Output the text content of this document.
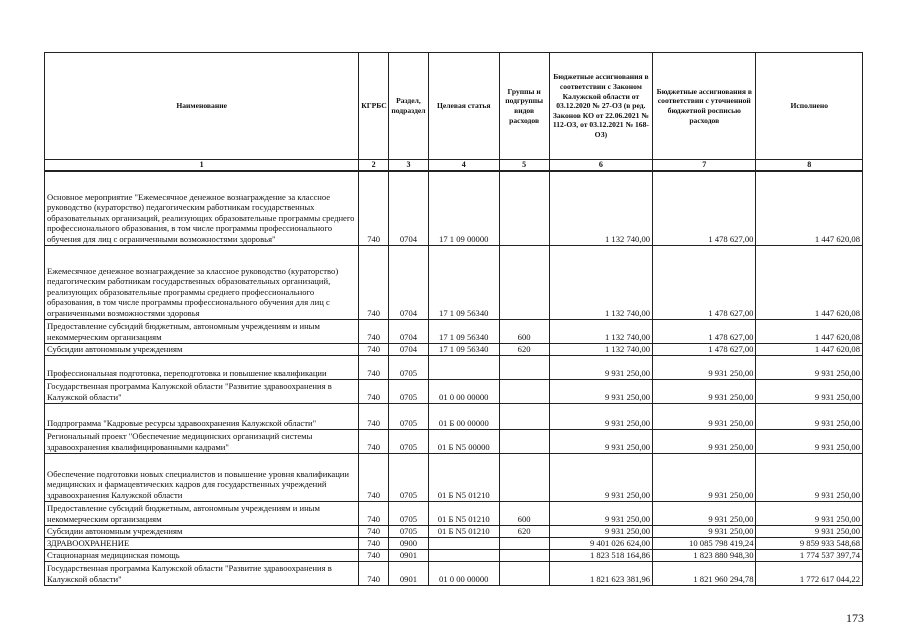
Наименование	КГРБС	Раздел, подраздел	Целевая статья	Группы и подгруппы видов расходов	Бюджетные ассигнования в соответствии с Законом Калужской области от 03.12.2020 № 27-ОЗ (в ред. Законов КО от 22.06.2021 № 112-ОЗ, от 03.12.2021 № 168-ОЗ)	Бюджетные ассигнования в соответствии с уточненной бюджетной росписью расходов	Исполнено
1	2	3	4	5	6	7	8
Основное мероприятие "Ежемесячное денежное вознаграждение за классное руководство (кураторство) педагогическим работникам государственных образовательных организаций, реализующих образовательные программы среднего профессионального образования, в том числе программы профессионального обучения для лиц с ограниченными возможностями здоровья"	740	0704	17 1 09 00000		1 132 740,00	1 478 627,00	1 447 620,08
Ежемесячное денежное вознаграждение за классное руководство (кураторство) педагогическим работникам государственных образовательных организаций, реализующих образовательные программы среднего профессионального образования, в том числе программы профессионального обучения для лиц с ограниченными возможностями здоровья	740	0704	17 1 09 56340		1 132 740,00	1 478 627,00	1 447 620,08
Предоставление субсидий бюджетным, автономным учреждениям и иным некоммерческим организациям	740	0704	17 1 09 56340	600	1 132 740,00	1 478 627,00	1 447 620,08
Субсидии автономным учреждениям	740	0704	17 1 09 56340	620	1 132 740,00	1 478 627,00	1 447 620,08
Профессиональная подготовка, переподготовка и повышение квалификации	740	0705			9 931 250,00	9 931 250,00	9 931 250,00
Государственная программа Калужской области "Развитие здравоохранения в Калужской области"	740	0705	01 0 00 00000		9 931 250,00	9 931 250,00	9 931 250,00
Подпрограмма "Кадровые ресурсы здравоохранения Калужской области"	740	0705	01 Б 00 00000		9 931 250,00	9 931 250,00	9 931 250,00
Региональный проект "Обеспечение медицинских организаций системы здравоохранения квалифицированными кадрами"	740	0705	01 Б N5 00000		9 931 250,00	9 931 250,00	9 931 250,00
Обеспечение подготовки новых специалистов и повышение уровня квалификации медицинских и фармацевтических кадров для государственных учреждений здравоохранения Калужской области	740	0705	01 Б N5 01210		9 931 250,00	9 931 250,00	9 931 250,00
Предоставление субсидий бюджетным, автономным учреждениям и иным некоммерческим организациям	740	0705	01 Б N5 01210	600	9 931 250,00	9 931 250,00	9 931 250,00
Субсидии автономным учреждениям	740	0705	01 Б N5 01210	620	9 931 250,00	9 931 250,00	9 931 250,00
ЗДРАВООХРАНЕНИЕ	740	0900			9 401 026 624,00	10 085 798 419,24	9 859 933 548,68
Стационарная медицинская помощь	740	0901			1 823 518 164,86	1 823 880 948,30	1 774 537 397,74
Государственная программа Калужской области "Развитие здравоохранения в Калужской области"	740	0901	01 0 00 00000		1 821 623 381,96	1 821 960 294,78	1 772 617 044,22
173
